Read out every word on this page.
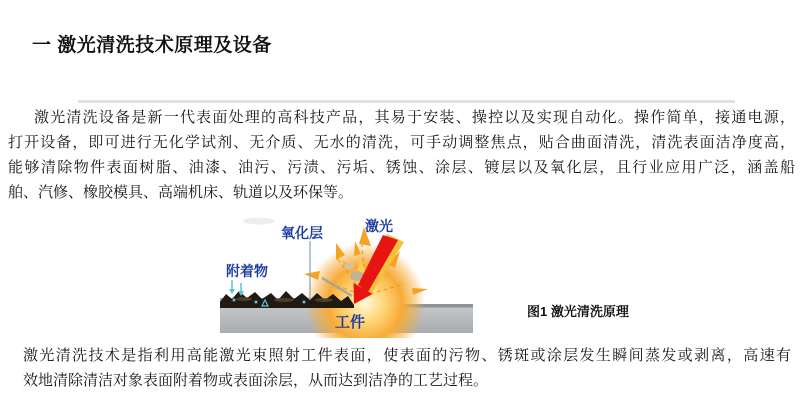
一 激光清洗技术原理及设备
激光清洗设备是新一代表面处理的高科技产品，其易于安装、操控以及实现自动化。操作简单，接通电源，
打开设备，即可进行无化学试剂、无介质、无水的清洗，可手动调整焦点，贴合曲面清洗，清洗表面洁净度高，
能够清除物件表面树脂、油漆、油污、污渍、污垢、锈蚀、涂层、镀层以及氧化层，且行业应用广泛，涵盖船
舶、汽修、橡胶模具、高端机床、轨道以及环保等。
激光
氧化层
附着物
工件
图1 激光清洗原理
激光清洗技术是指利用高能激光束照射工件表面，使表面的污物、锈斑或涂层发生瞬间蒸发或剥离，高速有
效地清除清洁对象表面附着物或表面涂层，从而达到洁净的工艺过程。
